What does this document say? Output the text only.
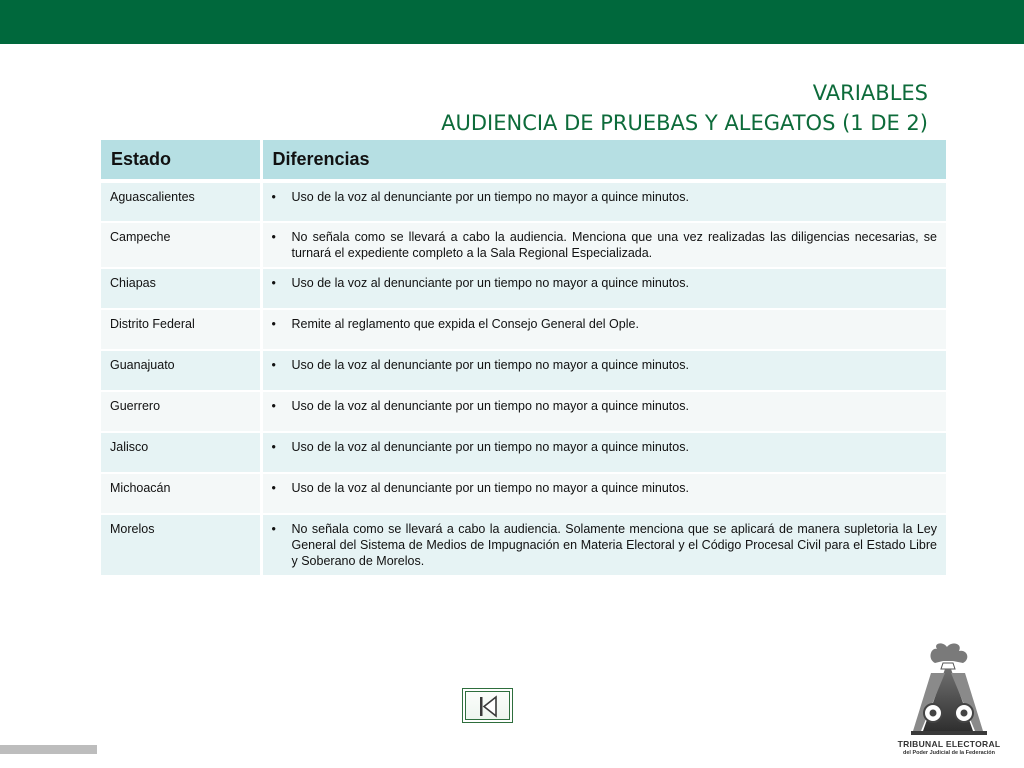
VARIABLES
AUDIENCIA DE PRUEBAS Y ALEGATOS (1 DE 2)
Estado	Diferencias
Aguascalientes	• Uso de la voz al denunciante por un tiempo no mayor a quince minutos.

Campeche	• No señala como se llevará a cabo la audiencia. Menciona que una vez realizadas las diligencias necesarias, se turnará el expediente completo a la Sala Regional Especializada.

Chiapas	• Uso de la voz al denunciante por un tiempo no mayor a quince minutos.

Distrito Federal	• Remite al reglamento que expida el Consejo General del Ople.

Guanajuato	• Uso de la voz al denunciante por un tiempo no mayor a quince minutos.

Guerrero	• Uso de la voz al denunciante por un tiempo no mayor a quince minutos.

Jalisco	• Uso de la voz al denunciante por un tiempo no mayor a quince minutos.

Michoacán	• Uso de la voz al denunciante por un tiempo no mayor a quince minutos.

Morelos	• No señala como se llevará a cabo la audiencia. Solamente menciona que se aplicará de manera supletoria la Ley General del Sistema de Medios de Impugnación en Materia Electoral y el Código Procesal Civil para el Estado Libre y Soberano de Morelos.
TRIBUNAL ELECTORAL
del Poder Judicial de la Federación
